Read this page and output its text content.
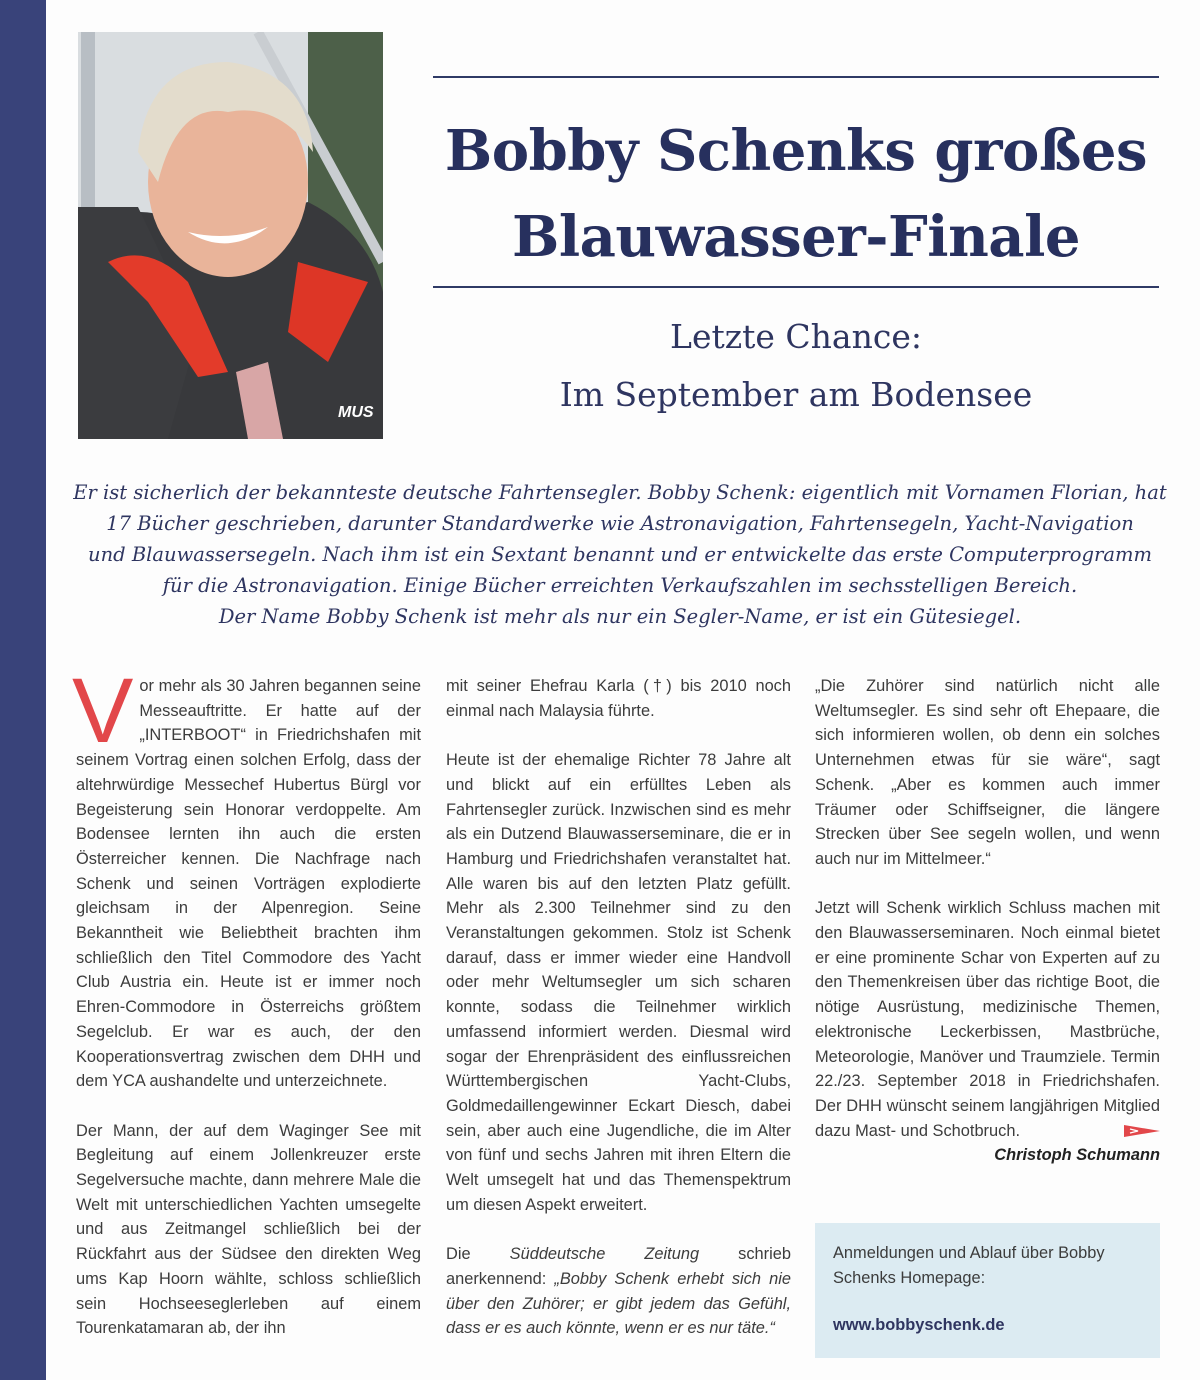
MUS
Bobby Schenks großes
Blauwasser-Finale
Letzte Chance:
Im September am Bodensee
Er ist sicherlich der bekannteste deutsche Fahrtensegler. Bobby Schenk: eigentlich mit Vornamen Florian, hat
17 Bücher geschrieben, darunter Standardwerke wie Astronavigation, Fahrtensegeln, Yacht-Navigation
und Blauwassersegeln. Nach ihm ist ein Sextant benannt und er entwickelte das erste Computerprogramm
für die Astronavigation. Einige Bücher erreichten Verkaufszahlen im sechsstelligen Bereich.
Der Name Bobby Schenk ist mehr als nur ein Segler-Name, er ist ein Gütesiegel.

Vor mehr als 30 Jahren begannen seine Messeauftritte. Er hatte auf der „INTERBOOT“ in Friedrichshafen mit seinem Vortrag einen solchen Erfolg, dass der altehrwürdige Messechef Hubertus Bürgl vor Begeisterung sein Honorar verdoppelte. Am Bodensee lernten ihn auch die ersten Österreicher kennen. Die Nachfrage nach Schenk und seinen Vorträgen explodierte gleichsam in der Alpenregion. Seine Bekanntheit wie Beliebtheit brachten ihm schließlich den Titel Commodore des Yacht Club Austria ein. Heute ist er immer noch Ehren-Commodore in Österreichs größtem Segelclub. Er war es auch, der den Kooperationsvertrag zwischen dem DHH und dem YCA aushandelte und unterzeichnete.

Der Mann, der auf dem Waginger See mit Begleitung auf einem Jollenkreuzer erste Segelversuche machte, dann mehrere Male die Welt mit unterschiedlichen Yachten umsegelte und aus Zeitmangel schließlich bei der Rückfahrt aus der Südsee den direkten Weg ums Kap Hoorn wählte, schloss schließlich sein Hochseeseglerleben auf einem Tourenkatamaran ab, der ihn

mit seiner Ehefrau Karla (†) bis 2010 noch einmal nach Malaysia führte.

Heute ist der ehemalige Richter 78 Jahre alt und blickt auf ein erfülltes Leben als Fahrtensegler zurück. Inzwischen sind es mehr als ein Dutzend Blauwasserseminare, die er in Hamburg und Friedrichshafen veranstaltet hat. Alle waren bis auf den letzten Platz gefüllt. Mehr als 2.300 Teilnehmer sind zu den Veranstaltungen gekommen. Stolz ist Schenk darauf, dass er immer wieder eine Handvoll oder mehr Weltumsegler um sich scharen konnte, sodass die Teilnehmer wirklich umfassend informiert werden. Diesmal wird sogar der Ehrenpräsident des einflussreichen Württembergischen Yacht-Clubs, Goldmedaillengewinner Eckart Diesch, dabei sein, aber auch eine Jugendliche, die im Alter von fünf und sechs Jahren mit ihren Eltern die Welt umsegelt hat und das Themenspektrum um diesen Aspekt erweitert.

Die Süddeutsche Zeitung schrieb anerkennend: „Bobby Schenk erhebt sich nie über den Zuhörer; er gibt jedem das Gefühl, dass er es auch könnte, wenn er es nur täte.“

„Die Zuhörer sind natürlich nicht alle Weltumsegler. Es sind sehr oft Ehepaare, die sich informieren wollen, ob denn ein solches Unternehmen etwas für sie wäre“, sagt Schenk. „Aber es kommen auch immer Träumer oder Schiffseigner, die längere Strecken über See segeln wollen, und wenn auch nur im Mittelmeer.“

Jetzt will Schenk wirklich Schluss machen mit den Blauwasserseminaren. Noch einmal bietet er eine prominente Schar von Experten auf zu den Themenkreisen über das richtige Boot, die nötige Ausrüstung, medizinische Themen, elektronische Leckerbissen, Mastbrüche, Meteorologie, Manöver und Traumziele. Termin 22./23. September 2018 in Friedrichshafen. Der DHH wünscht seinem langjährigen Mitglied dazu Mast- und Schotbruch.

Christoph Schumann
Anmeldungen und Ablauf über Bobby Schenks Homepage:
www.bobbyschenk.de
